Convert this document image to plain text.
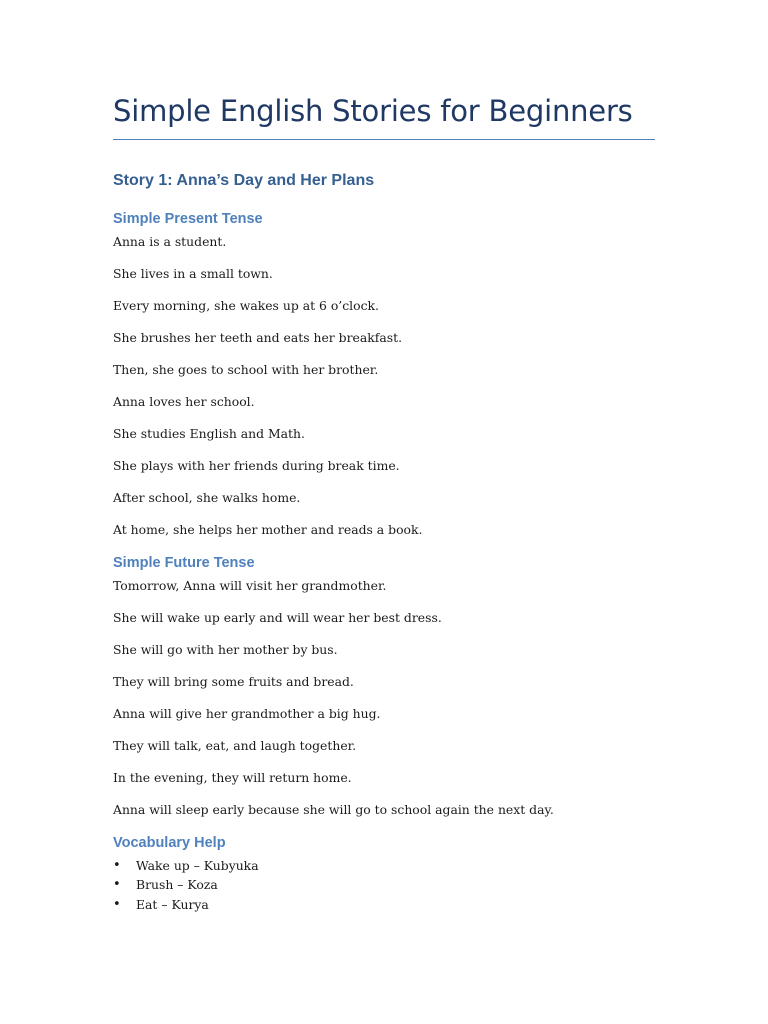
Simple English Stories for Beginners
Story 1: Anna’s Day and Her Plans
Simple Present Tense

Anna is a student.

She lives in a small town.

Every morning, she wakes up at 6 o’clock.

She brushes her teeth and eats her breakfast.

Then, she goes to school with her brother.

Anna loves her school.

She studies English and Math.

She plays with her friends during break time.

After school, she walks home.

At home, she helps her mother and reads a book.

Simple Future Tense

Tomorrow, Anna will visit her grandmother.

She will wake up early and will wear her best dress.

She will go with her mother by bus.

They will bring some fruits and bread.

Anna will give her grandmother a big hug.

They will talk, eat, and laugh together.

In the evening, they will return home.

Anna will sleep early because she will go to school again the next day.

Vocabulary Help
• Wake up – Kubyuka
• Brush – Koza
• Eat – Kurya
